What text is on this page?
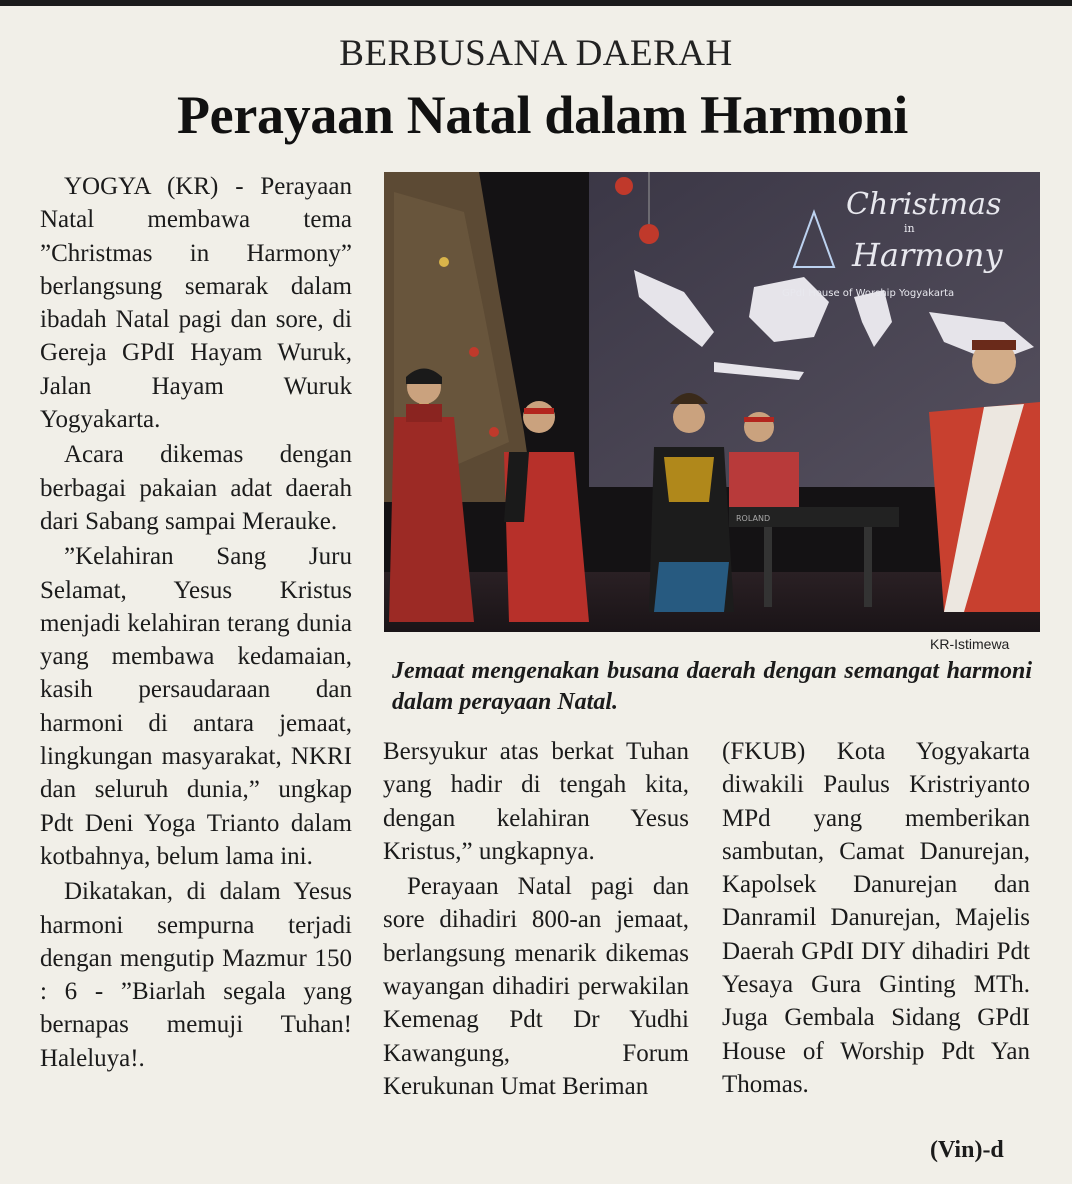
BERBUSANA DAERAH
Perayaan Natal dalam Harmoni

YOGYA (KR) - Perayaan Natal membawa tema ”Christmas in Harmony” berlangsung semarak dalam ibadah Natal pagi dan sore, di Gereja GPdI Hayam Wuruk, Jalan Hayam Wuruk Yogyakarta.

Acara dikemas dengan berbagai pakaian adat daerah dari Sabang sampai Merauke.

”Kelahiran Sang Juru Selamat, Yesus Kristus menjadi kelahiran terang dunia yang membawa kedamaian, kasih persaudaraan dan harmoni di antara jemaat, lingkungan masyarakat, NKRI dan seluruh dunia,” ungkap Pdt Deni Yoga Trianto dalam kotbahnya, belum lama ini.

Dikatakan, di dalam Yesus harmoni sempurna terjadi dengan mengutip Mazmur 150 : 6 - ”Biarlah segala yang bernapas memuji Tuhan! Haleluya!.

Christmas
in
Harmony
GPdI House of Worship Yogyakarta
ROLAND
KR-Istimewa
Jemaat mengenakan busana daerah dengan semangat harmoni dalam perayaan Natal.

Bersyukur atas berkat Tuhan yang hadir di tengah kita, dengan kelahiran Yesus Kristus,” ungkapnya.

Perayaan Natal pagi dan sore dihadiri 800-an jemaat, berlangsung menarik dikemas wayangan dihadiri perwakilan Kemenag Pdt Dr Yudhi Kawangung, Forum Kerukunan Umat Beriman

(FKUB) Kota Yogyakarta diwakili Paulus Kristriyanto MPd yang memberikan sambutan, Camat Danurejan, Kapolsek Danurejan dan Danramil Danurejan, Majelis Daerah GPdI DIY dihadiri Pdt Yesaya Gura Ginting MTh. Juga Gembala Sidang GPdI House of Worship Pdt Yan Thomas.

(Vin)-d
